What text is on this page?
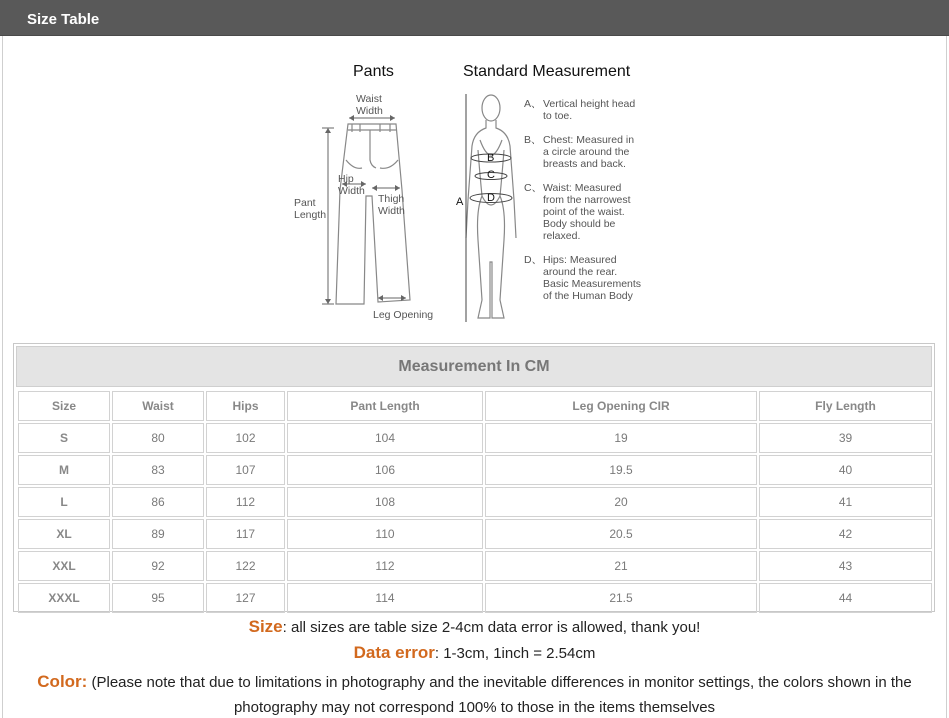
Size Table
Pants
Waist Width
Hip Width
Thigh Width
Pant Length
Leg Opening
Standard Measurement
A
B
C
D
A、 Vertical height head
to toe.
B、 Chest: Measured in
a circle around the
breasts and back.
C、 Waist: Measured
from the narrowest
point of the waist.
Body should be
relaxed.
D、 Hips: Measured
around the rear.
Basic Measurements
of the Human Body
Measurement In CM
Size	Waist	Hips	Pant Length	Leg Opening CIR	Fly Length
S	80	102	104	19	39
M	83	107	106	19.5	40
L	86	112	108	20	41
XL	89	117	110	20.5	42
XXL	92	122	112	21	43
XXXL	95	127	114	21.5	44
Size: all sizes are table size 2-4cm data error is allowed, thank you!
Data error: 1-3cm, 1inch = 2.54cm
Color: (Please note that due to limitations in photography and the inevitable differences in monitor settings, the colors shown in the photography may not correspond 100% to those in the items themselves
